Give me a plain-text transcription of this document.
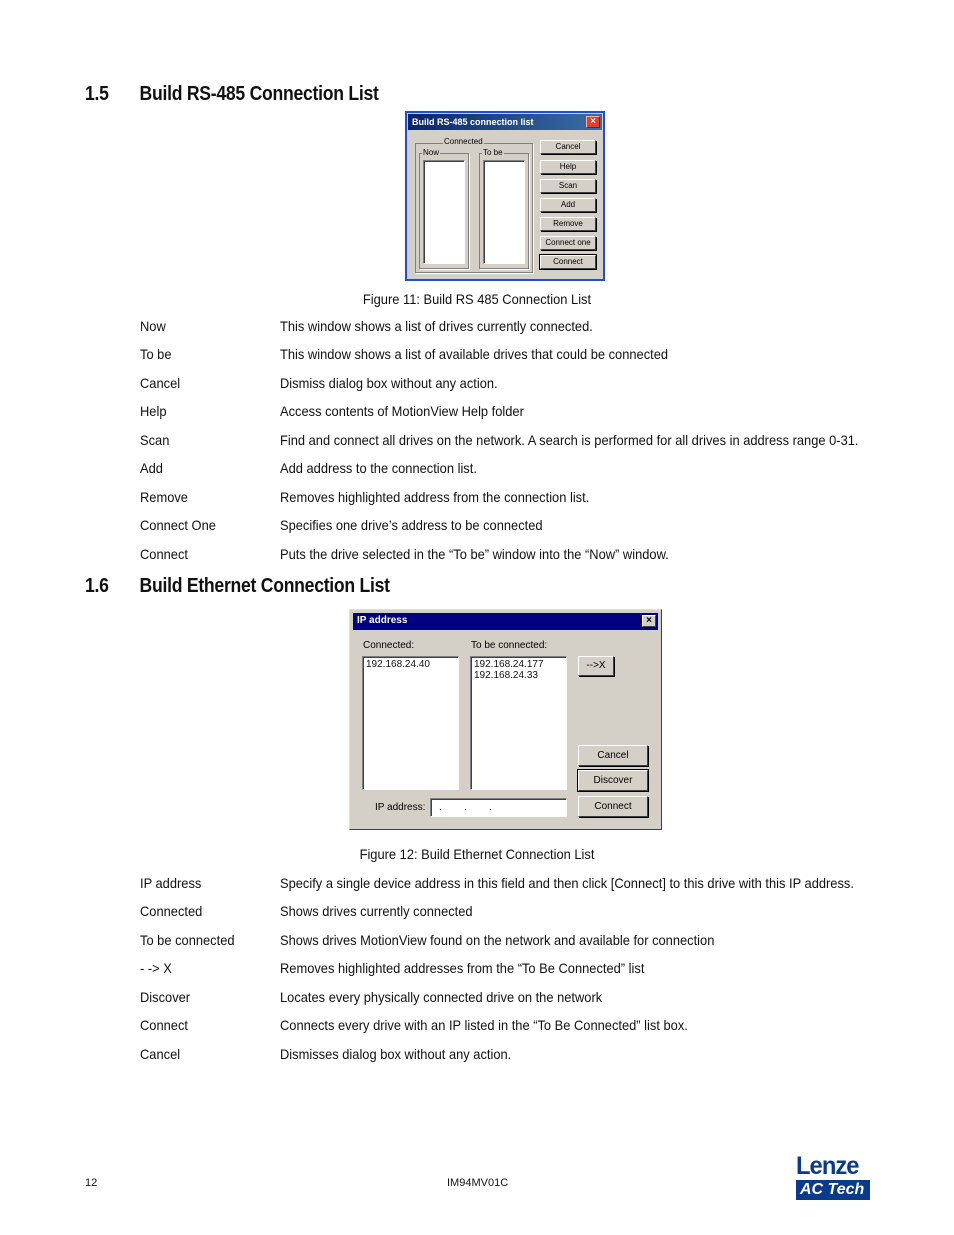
1.5 Build RS-485 Connection List
Build RS-485 connection list	×
Connected
Now	To be
Cancel
Help
Scan
Add
Remove
Connect one
Connect
Figure 11: Build RS 485 Connection List
Now	This window shows a list of drives currently connected.
To be	This window shows a list of available drives that could be connected
Cancel	Dismiss dialog box without any action.
Help	Access contents of MotionView Help folder
Scan	Find and connect all drives on the network. A search is performed for all drives in address range 0-31.
Add	Add address to the connection list.
Remove	Removes highlighted address from the connection list.
Connect One	Specifies one drive’s address to be connected
Connect	Puts the drive selected in the “To be” window into the “Now” window.
1.6 Build Ethernet Connection List
IP address	×
Connected:
192.168.24.40
To be connected:
192.168.24.177
192.168.24.33
-->X
Cancel
Discover
Connect
IP address:	.        .        .
Figure 12: Build Ethernet Connection List
IP address	Specify a single device address in this field and then click [Connect] to this drive with this IP address.
Connected	Shows drives currently connected
To be connected	Shows drives MotionView found on the network and available for connection
- -> X	Removes highlighted addresses from the “To Be Connected” list
Discover	Locates every physically connected drive on the network
Connect	Connects every drive with an IP listed in the “To Be Connected” list box.
Cancel	Dismisses dialog box without any action.
12	IM94MV01C
Lenze
AC Tech
